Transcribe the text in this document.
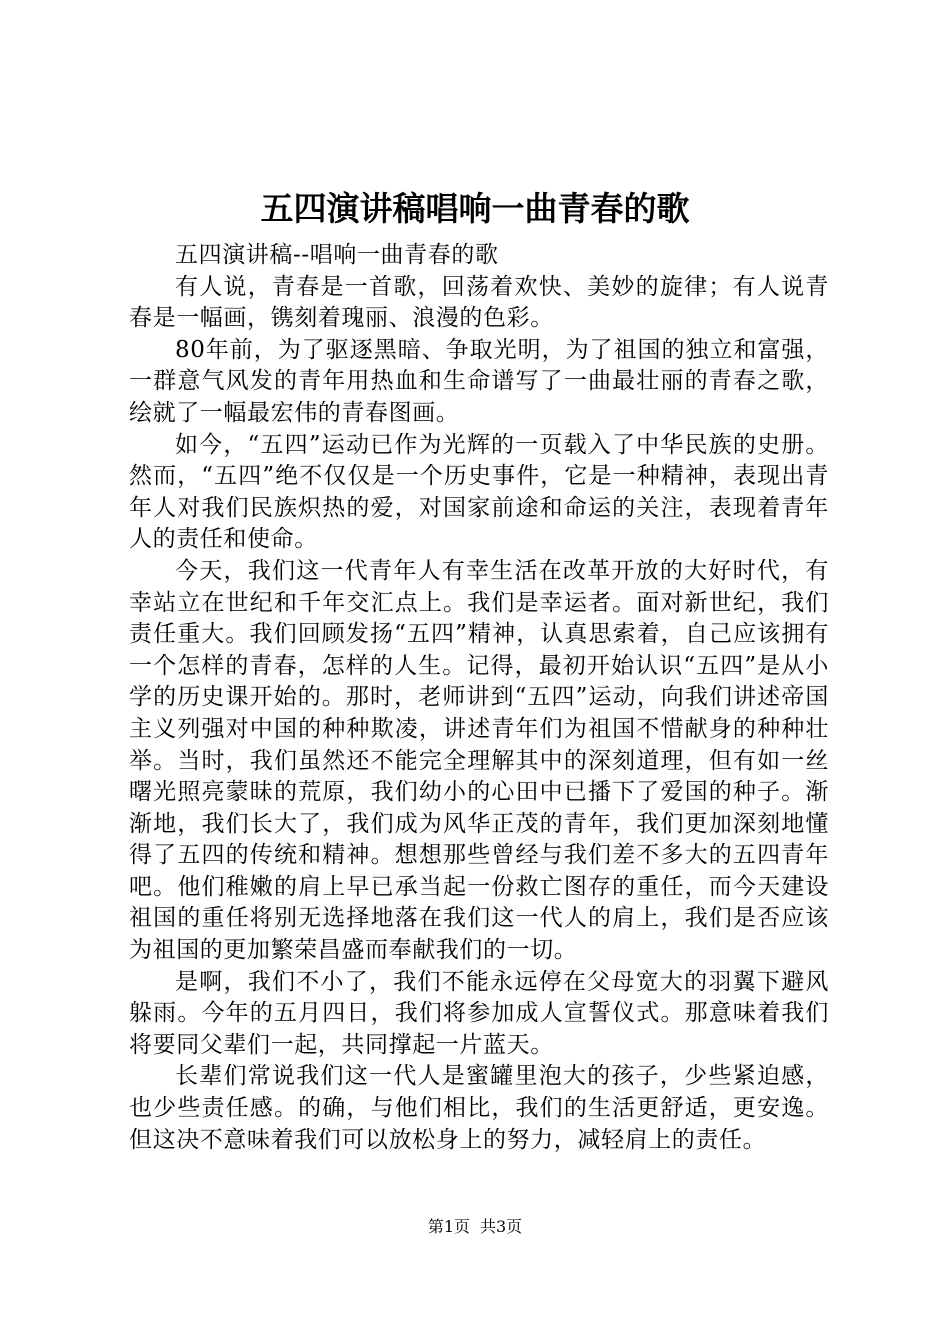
五四演讲稿唱响一曲青春的歌

五四演讲稿--唱响一曲青春的歌

有人说，青春是一首歌，回荡着欢快、美妙的旋律；有人说青春是一幅画，镌刻着瑰丽、浪漫的色彩。

80年前，为了驱逐黑暗、争取光明，为了祖国的独立和富强，一群意气风发的青年用热血和生命谱写了一曲最壮丽的青春之歌，绘就了一幅最宏伟的青春图画。

如今，“五四”运动已作为光辉的一页载入了中华民族的史册。然而，“五四”绝不仅仅是一个历史事件，它是一种精神，表现出青年人对我们民族炽热的爱，对国家前途和命运的关注，表现着青年人的责任和使命。

今天，我们这一代青年人有幸生活在改革开放的大好时代，有幸站立在世纪和千年交汇点上。我们是幸运者。面对新世纪，我们责任重大。我们回顾发扬“五四”精神，认真思索着，自己应该拥有一个怎样的青春，怎样的人生。记得，最初开始认识“五四”是从小学的历史课开始的。那时，老师讲到“五四”运动，向我们讲述帝国主义列强对中国的种种欺凌，讲述青年们为祖国不惜献身的种种壮举。当时，我们虽然还不能完全理解其中的深刻道理，但有如一丝曙光照亮蒙昧的荒原，我们幼小的心田中已播下了爱国的种子。渐渐地，我们长大了，我们成为风华正茂的青年，我们更加深刻地懂得了五四的传统和精神。想想那些曾经与我们差不多大的五四青年吧。他们稚嫩的肩上早已承当起一份救亡图存的重任，而今天建设祖国的重任将别无选择地落在我们这一代人的肩上，我们是否应该为祖国的更加繁荣昌盛而奉献我们的一切。

是啊，我们不小了，我们不能永远停在父母宽大的羽翼下避风躲雨。今年的五月四日，我们将参加成人宣誓仪式。那意味着我们将要同父辈们一起，共同撑起一片蓝天。

长辈们常说我们这一代人是蜜罐里泡大的孩子，少些紧迫感，也少些责任感。的确，与他们相比，我们的生活更舒适，更安逸。但这决不意味着我们可以放松身上的努力，减轻肩上的责任。

第1页 共3页
